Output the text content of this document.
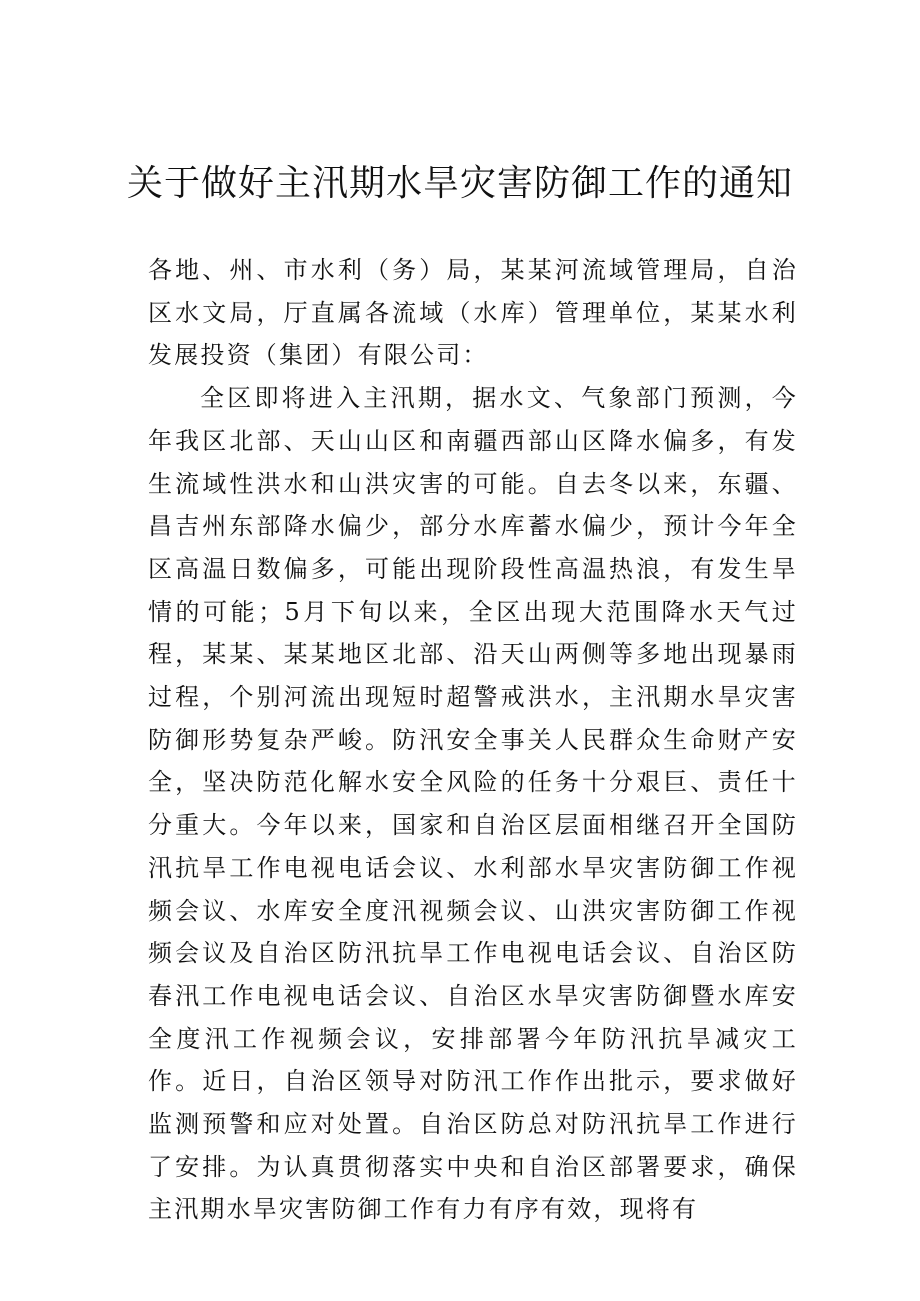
关于做好主汛期水旱灾害防御工作的通知

各地、州、市水利（务）局，某某河流域管理局，自治区水文局，厅直属各流域（水库）管理单位，某某水利发展投资（集团）有限公司：

全区即将进入主汛期，据水文、气象部门预测，今年我区北部、天山山区和南疆西部山区降水偏多，有发生流域性洪水和山洪灾害的可能。自去冬以来，东疆、昌吉州东部降水偏少，部分水库蓄水偏少，预计今年全区高温日数偏多，可能出现阶段性高温热浪，有发生旱情的可能；5月下旬以来，全区出现大范围降水天气过程，某某、某某地区北部、沿天山两侧等多地出现暴雨过程，个别河流出现短时超警戒洪水，主汛期水旱灾害防御形势复杂严峻。防汛安全事关人民群众生命财产安全，坚决防范化解水安全风险的任务十分艰巨、责任十分重大。今年以来，国家和自治区层面相继召开全国防汛抗旱工作电视电话会议、水利部水旱灾害防御工作视频会议、水库安全度汛视频会议、山洪灾害防御工作视频会议及自治区防汛抗旱工作电视电话会议、自治区防春汛工作电视电话会议、自治区水旱灾害防御暨水库安全度汛工作视频会议，安排部署今年防汛抗旱减灾工作。近日，自治区领导对防汛工作作出批示，要求做好监测预警和应对处置。自治区防总对防汛抗旱工作进行了安排。为认真贯彻落实中央和自治区部署要求，确保主汛期水旱灾害防御工作有力有序有效，现将有
